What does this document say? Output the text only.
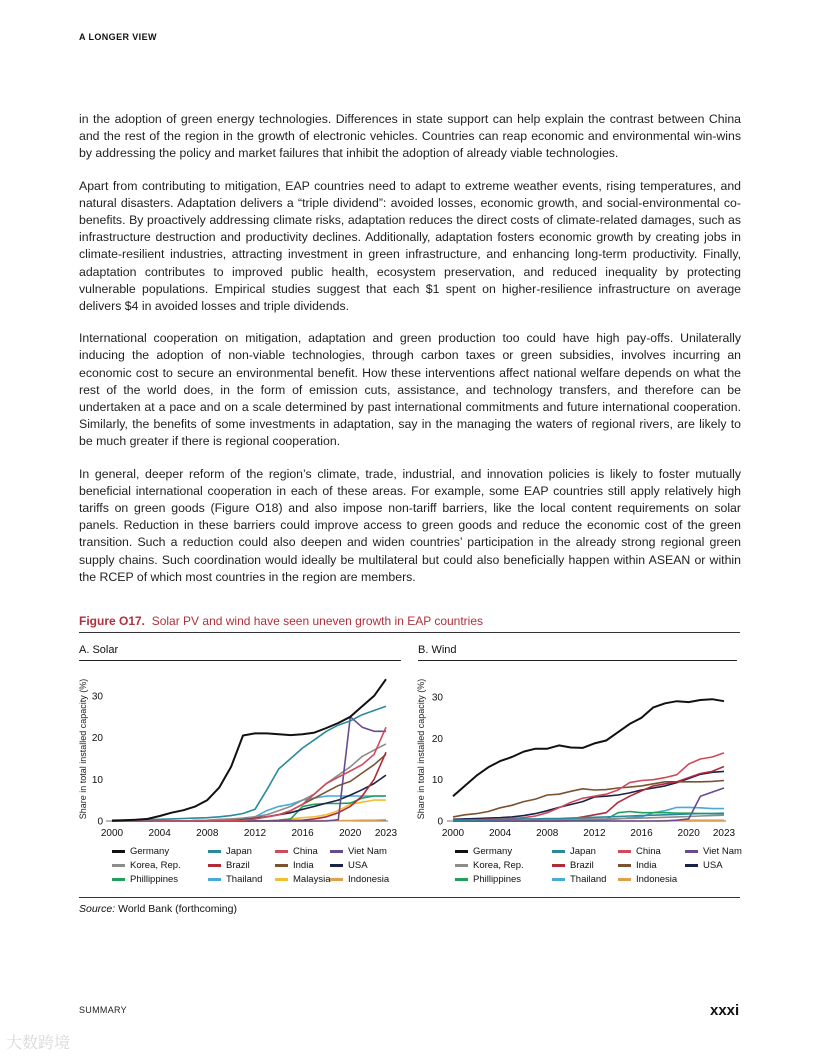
A LONGER VIEW

in the adoption of green energy technologies. Differences in state support can help explain the contrast between China and the rest of the region in the growth of electronic vehicles. Countries can reap economic and environmental win-wins by addressing the policy and market failures that inhibit the adoption of already viable technologies.

Apart from contributing to mitigation, EAP countries need to adapt to extreme weather events, rising temperatures, and natural disasters. Adaptation delivers a “triple dividend”: avoided losses, economic growth, and social-environmental co-benefits. By proactively addressing climate risks, adaptation reduces the direct costs of climate-related damages, such as infrastructure destruction and productivity declines. Additionally, adaptation fosters economic growth by creating jobs in climate-resilient industries, attracting investment in green infrastructure, and enhancing long-term productivity. Finally, adaptation contributes to improved public health, ecosystem preservation, and reduced inequality by protecting vulnerable populations. Empirical studies suggest that each $1 spent on higher-resilience infrastructure on average delivers $4 in avoided losses and triple dividends.

International cooperation on mitigation, adaptation and green production too could have high pay-offs. Unilaterally inducing the adoption of non-viable technologies, through carbon taxes or green subsidies, involves incurring an economic cost to secure an environmental benefit. How these interventions affect national welfare depends on what the rest of the world does, in the form of emission cuts, assistance, and technology transfers, and therefore can be undertaken at a pace and on a scale determined by past international commitments and future international cooperation. Similarly, the benefits of some investments in adaptation, say in the managing the waters of regional rivers, are likely to be much greater if there is regional cooperation.

In general, deeper reform of the region’s climate, trade, industrial, and innovation policies is likely to foster mutually beneficial international cooperation in each of these areas. For example, some EAP countries still apply relatively high tariffs on green goods (Figure O18) and also impose non-tariff barriers, like the local content requirements on solar panels. Reduction in these barriers could improve access to green goods and reduce the economic cost of the green transition. Such a reduction could also deepen and widen countries’ participation in the already strong regional green supply chains. Such coordination would ideally be multilateral but could also beneficially happen within ASEAN or within the RCEP of which most countries in the region are members.

Figure O17. Solar PV and wind have seen uneven growth in EAP countries
A. Solar	B. Wind
0
10
20
30
2000	2004	2008	2012	2016	2020 2023
Share in total installed capacity (%)
0
10
20
30
2000 2004 2008 2012 2016 2020 2023
Share in total installed capacity (%)
Germany	Japan	China	Viet Nam
Korea, Rep.	Brazil	India	USA
Phillippines	Thailand	Malaysia	Indonesia
Germany	Japan	China	Viet Nam
Korea, Rep.	Brazil	India	USA
Phillippines	Thailand	Indonesia
Source: World Bank (forthcoming)
SUMMARY	xxxi
大数跨境
